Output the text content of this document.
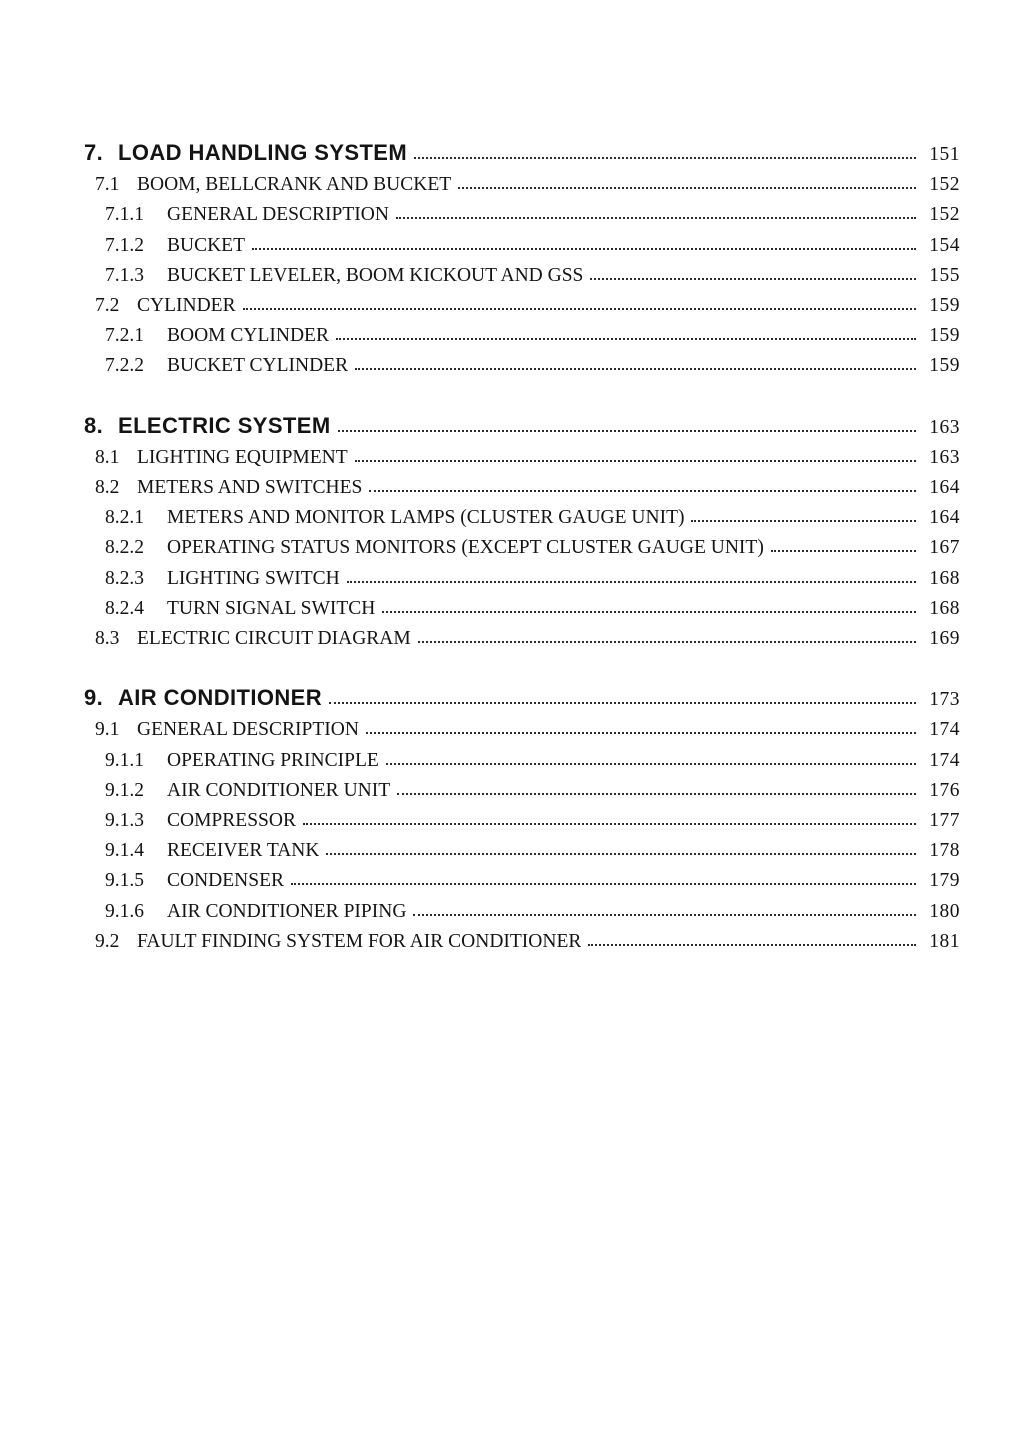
7. LOAD HANDLING SYSTEM	151
7.1 BOOM, BELLCRANK AND BUCKET	152
7.1.1	GENERAL DESCRIPTION	152
7.1.2	BUCKET	154
7.1.3	BUCKET LEVELER, BOOM KICKOUT AND GSS	155
7.2 CYLINDER	159
7.2.1	BOOM CYLINDER	159
7.2.2	BUCKET CYLINDER	159
8. ELECTRIC SYSTEM	163
8.1 LIGHTING EQUIPMENT	163
8.2 METERS AND SWITCHES	164
8.2.1	METERS AND MONITOR LAMPS (CLUSTER GAUGE UNIT)	164
8.2.2	OPERATING STATUS MONITORS (EXCEPT CLUSTER GAUGE UNIT)	167
8.2.3	LIGHTING SWITCH	168
8.2.4	TURN SIGNAL SWITCH	168
8.3 ELECTRIC CIRCUIT DIAGRAM	169
9. AIR CONDITIONER	173
9.1 GENERAL DESCRIPTION	174
9.1.1	OPERATING PRINCIPLE	174
9.1.2	AIR CONDITIONER UNIT	176
9.1.3	COMPRESSOR	177
9.1.4	RECEIVER TANK	178
9.1.5	CONDENSER	179
9.1.6	AIR CONDITIONER PIPING	180
9.2 FAULT FINDING SYSTEM FOR AIR CONDITIONER	181
